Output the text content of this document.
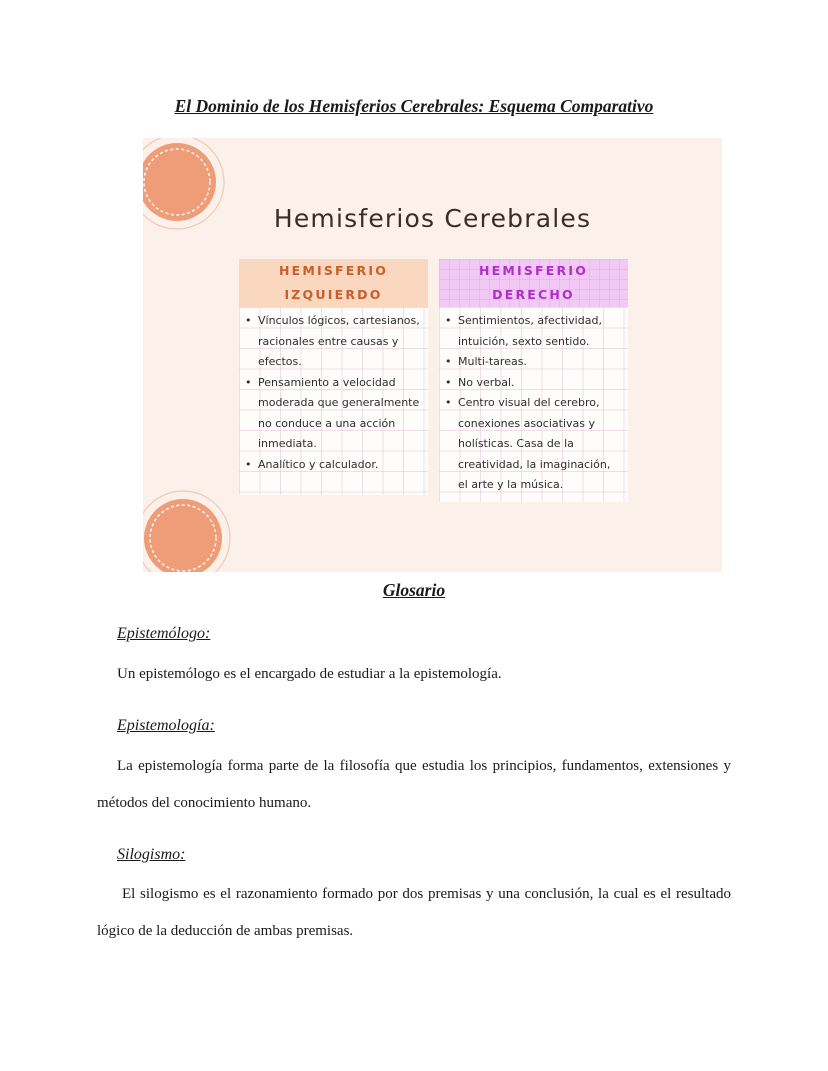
El Dominio de los Hemisferios Cerebrales: Esquema Comparativo
Hemisferios Cerebrales
HEMISFERIO IZQUIERDO
• Vínculos lógicos, cartesianos, racionales entre causas y efectos.
• Pensamiento a velocidad moderada que generalmente no conduce a una acción inmediata.
• Analítico y calculador.
HEMISFERIO DERECHO
• Sentimientos, afectividad, intuición, sexto sentido.
• Multi-tareas.
• No verbal.
• Centro visual del cerebro, conexiones asociativas y holísticas. Casa de la creatividad, la imaginación, el arte y la música.
Glosario
Epistemólogo:
Un epistemólogo es el encargado de estudiar a la epistemología.
Epistemología:
La epistemología forma parte de la filosofía que estudia los principios, fundamentos, extensiones y métodos del conocimiento humano.
Silogismo:
El silogismo es el razonamiento formado por dos premisas y una conclusión, la cual es el resultado lógico de la deducción de ambas premisas.
